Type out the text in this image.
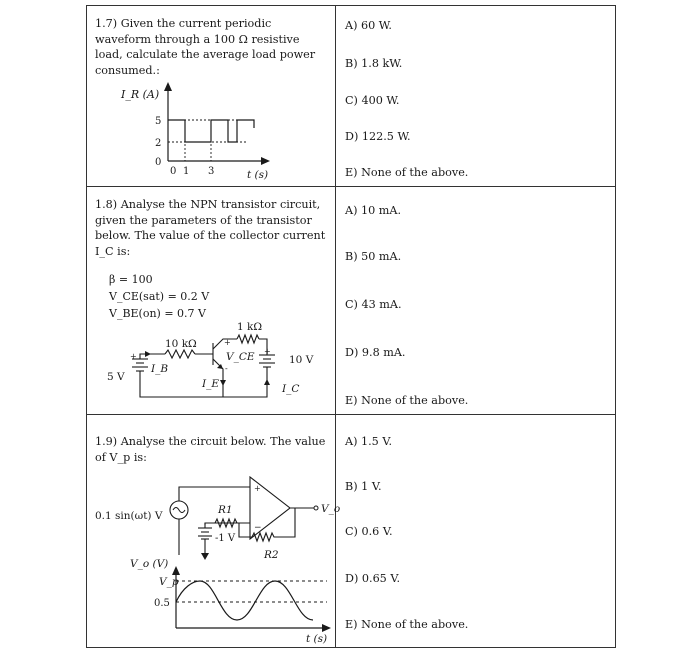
1.7) Given the current periodic waveform through a 100 Ω resistive load, calculate the average load power consumed.:
A) 60 W.
B) 1.8 kW.
C) 400 W.
D) 122.5 W.
E) None of the above.
I_R (A)
5
2
0
0 1 3	t (s)
1.8) Analyse the NPN transistor circuit, given the parameters of the transistor below. The value of the collector current I_C is:
A) 10 mA.
B) 50 mA.
C) 43 mA.
D) 9.8 mA.
E) None of the above.
β = 100
V_CE(sat) = 0.2 V
V_BE(on) = 0.7 V
10 kΩ
1 kΩ
5 V
10 V
I_B
I_E	I_C
V_CE
+
+
+
-
1.9) Analyse the circuit below. The value of V_p is:
A) 1.5 V.
B) 1 V.
C) 0.6 V.
D) 0.65 V.
E) None of the above.
+
−
0.1 sin(ωt) V	R1
R2
-1 V
V_o
V_o (V)
V_p
0.5
t (s)
